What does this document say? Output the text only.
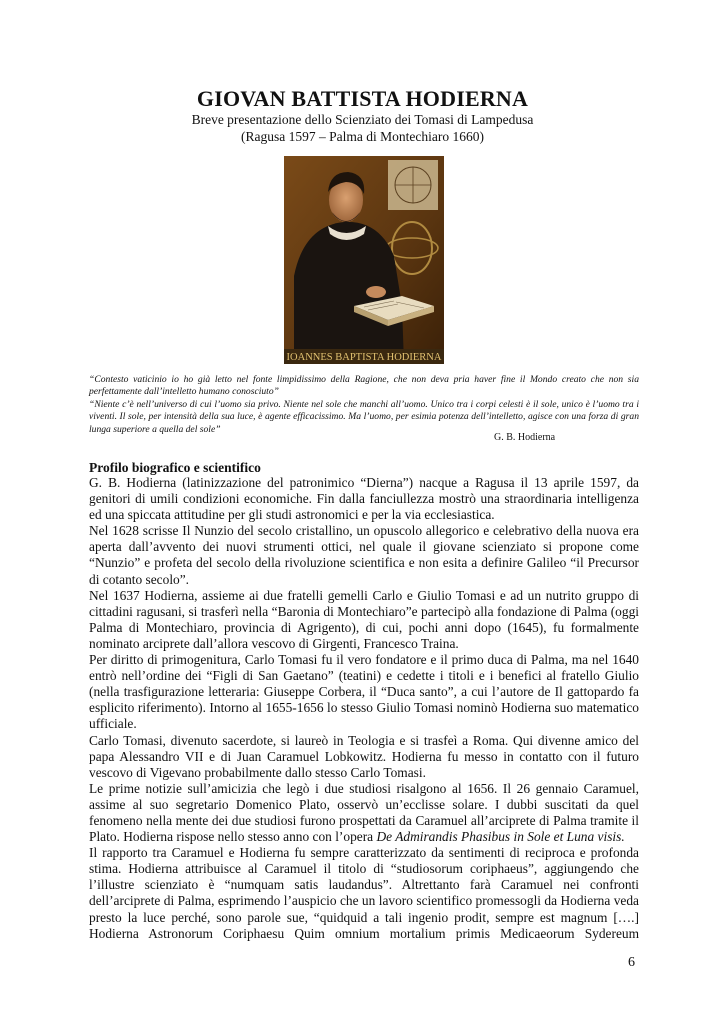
GIOVAN BATTISTA HODIERNA
Breve presentazione dello Scienziato dei Tomasi di Lampedusa
(Ragusa 1597 – Palma di Montechiaro 1660)
IOANNES BAPTISTA HODIERNA

“Contesto vaticinio io ho già letto nel fonte limpidissimo della Ragione, che non deva pria haver fine il Mondo creato che non sia perfettamente dall’intelletto humano conosciuto”

“Niente c’è nell’universo di cui l’uomo sia privo. Niente nel sole che manchi all’uomo. Unico tra i corpi celesti è il sole, unico è l’uomo tra i viventi. Il sole, per intensità della sua luce, è agente efficacissimo. Ma l’uomo, per esimia potenza dell’intelletto, agisce con una forza di gran lunga superiore a quella del sole”

G. B. Hodierna
Profilo biografico e scientifico

G. B. Hodierna (latinizzazione del patronimico “Dierna”) nacque a Ragusa il 13 aprile 1597, da genitori di umili condizioni economiche. Fin dalla fanciullezza mostrò una straordinaria intelligenza ed una spiccata attitudine per gli studi astronomici e per la via ecclesiastica.

Nel 1628 scrisse Il Nunzio del secolo cristallino, un opuscolo allegorico e celebrativo della nuova era aperta dall’avvento dei nuovi strumenti ottici, nel quale il giovane scienziato si propone come “Nunzio” e profeta del secolo della rivoluzione scientifica e non esita a definire Galileo “il Precursor di cotanto secolo”.

Nel 1637 Hodierna, assieme ai due fratelli gemelli Carlo e Giulio Tomasi e ad un nutrito gruppo di cittadini ragusani, si trasferì nella “Baronia di Montechiaro”e partecipò alla fondazione di Palma (oggi Palma di Montechiaro, provincia di Agrigento), di cui, pochi anni dopo (1645), fu formalmente nominato arciprete dall’allora vescovo di Girgenti, Francesco Traina.

Per diritto di primogenitura, Carlo Tomasi fu il vero fondatore e il primo duca di Palma, ma nel 1640 entrò nell’ordine dei “Figli di San Gaetano” (teatini) e cedette i titoli e i benefici al fratello Giulio (nella trasfigurazione letteraria: Giuseppe Corbera, il “Duca santo”, a cui l’autore de Il gattopardo fa esplicito riferimento). Intorno al 1655-1656 lo stesso Giulio Tomasi nominò Hodierna suo matematico ufficiale.

Carlo Tomasi, divenuto sacerdote, si laureò in Teologia e si trasfeì a Roma. Qui divenne amico del papa Alessandro VII e di Juan Caramuel Lobkowitz. Hodierna fu messo in contatto con il futuro vescovo di Vigevano probabilmente dallo stesso Carlo Tomasi.

Le prime notizie sull’amicizia che legò i due studiosi risalgono al 1656. Il 26 gennaio Caramuel, assime al suo segretario Domenico Plato, osservò un’ecclisse solare. I dubbi suscitati da quel fenomeno nella mente dei due studiosi furono prospettati da Caramuel all’arciprete di Palma tramite il Plato. Hodierna rispose nello stesso anno con l’opera De Admirandis Phasibus in Sole et Luna visis.

Il rapporto tra Caramuel e Hodierna fu sempre caratterizzato da sentimenti di reciproca e profonda stima. Hodierna attribuisce al Caramuel il titolo di “studiosorum coriphaeus”, aggiungendo che l’illustre scienziato è “numquam satis laudandus”. Altrettanto farà Caramuel nei confronti dell’arciprete di Palma, esprimendo l’auspicio che un lavoro scientifico promessogli da Hodierna veda presto la luce perché, sono parole sue, “quidquid a tali ingenio prodit, sempre est magnum [….] Hodierna Astronorum Coriphaesu Quim omnium mortalium primis Medicaeorum Sydereum

6
